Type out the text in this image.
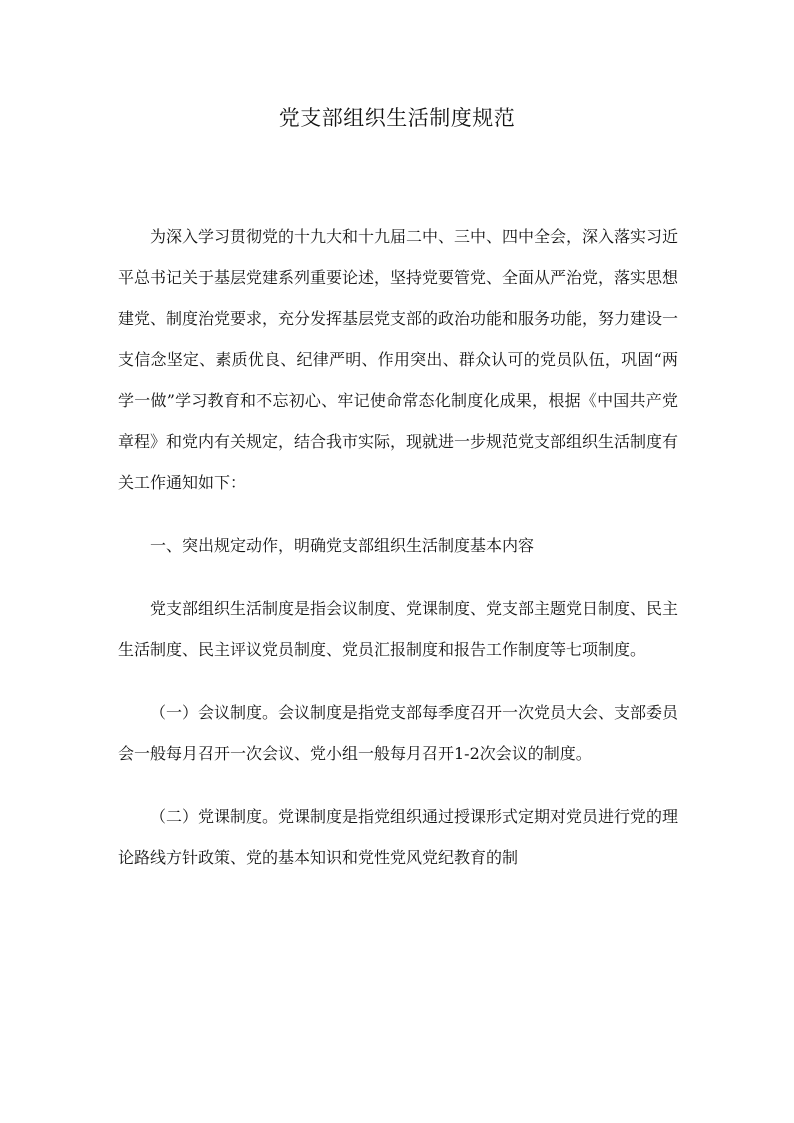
党支部组织生活制度规范

为深入学习贯彻党的十九大和十九届二中、三中、四中全会，深入落实习近平总书记关于基层党建系列重要论述，坚持党要管党、全面从严治党，落实思想建党、制度治党要求，充分发挥基层党支部的政治功能和服务功能，努力建设一支信念坚定、素质优良、纪律严明、作用突出、群众认可的党员队伍，巩固“两学一做”学习教育和不忘初心、牢记使命常态化制度化成果，根据《中国共产党章程》和党内有关规定，结合我市实际，现就进一步规范党支部组织生活制度有关工作通知如下：

一、突出规定动作，明确党支部组织生活制度基本内容

党支部组织生活制度是指会议制度、党课制度、党支部主题党日制度、民主生活制度、民主评议党员制度、党员汇报制度和报告工作制度等七项制度。

（一）会议制度。会议制度是指党支部每季度召开一次党员大会、支部委员会一般每月召开一次会议、党小组一般每月召开1-2次会议的制度。

（二）党课制度。党课制度是指党组织通过授课形式定期对党员进行党的理论路线方针政策、党的基本知识和党性党风党纪教育的制
